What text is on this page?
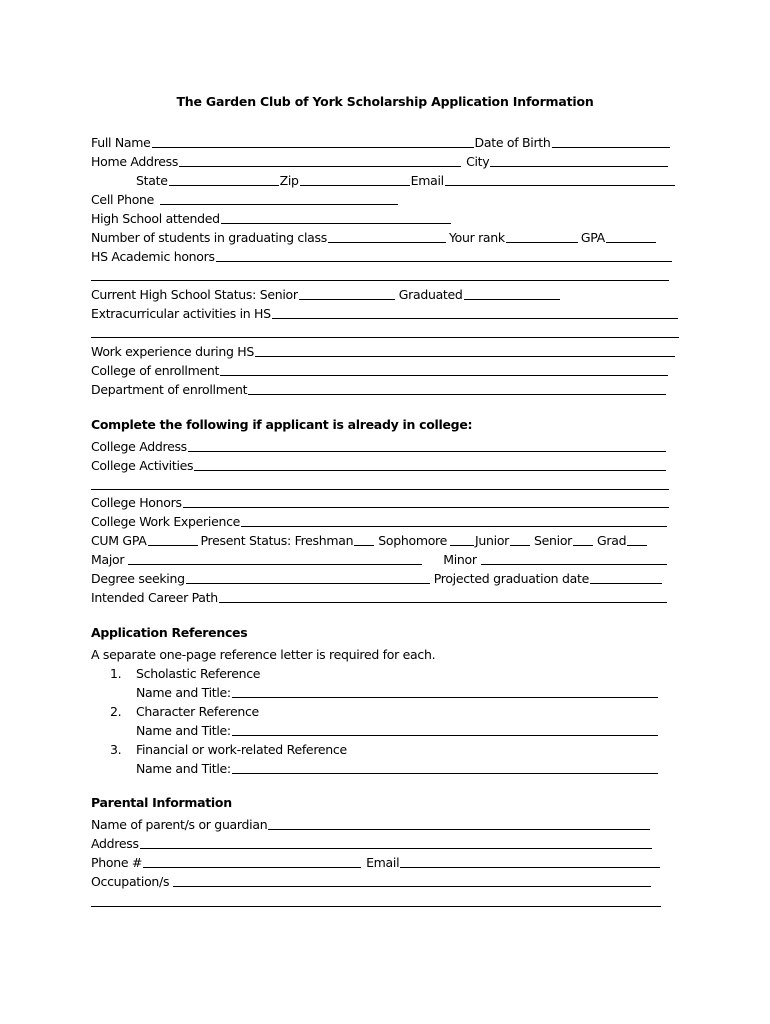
The Garden Club of York Scholarship Application Information
Full Name	Date of Birth
Home Address	City
State	Zip	Email
Cell Phone
High School attended
Number of students in graduating class	Your rank	GPA
HS Academic honors
Current High School Status: Senior	Graduated
Extracurricular activities in HS
Work experience during HS
College of enrollment
Department of enrollment
Complete the following if applicant is already in college:
College Address
College Activities
College Honors
College Work Experience
CUM GPA	Present Status: Freshman Sophomore Junior Senior Grad
Major	Minor
Degree seeking	Projected graduation date
Intended Career Path
Application References
A separate one-page reference letter is required for each.
1.	Scholastic Reference
Name and Title:
2.	Character Reference
Name and Title:
3.	Financial or work-related Reference
Name and Title:
Parental Information
Name of parent/s or guardian
Address
Phone #	Email
Occupation/s
